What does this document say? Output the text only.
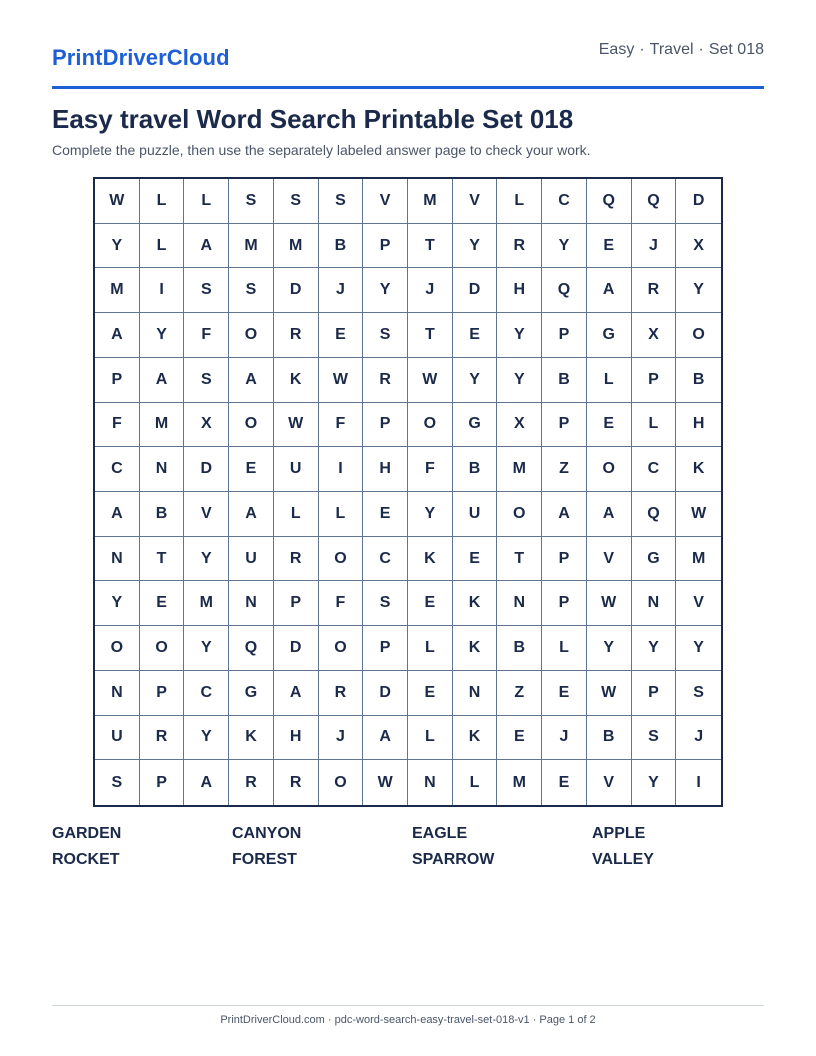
PrintDriverCloud	Easy · Travel · Set 018
Easy travel Word Search Printable Set 018
Complete the puzzle, then use the separately labeled answer page to check your work.
W	L	L	S	S	S	V	M	V	L	C	Q	Q	D
Y	L	A	M	M	B	P	T	Y	R	Y	E	J	X
M	I	S	S	D	J	Y	J	D	H	Q	A	R	Y
A	Y	F	O	R	E	S	T	E	Y	P	G	X	O
P	A	S	A	K	W	R	W	Y	Y	B	L	P	B
F	M	X	O	W	F	P	O	G	X	P	E	L	H
C	N	D	E	U	I	H	F	B	M	Z	O	C	K
A	B	V	A	L	L	E	Y	U	O	A	A	Q	W
N	T	Y	U	R	O	C	K	E	T	P	V	G	M
Y	E	M	N	P	F	S	E	K	N	P	W	N	V
O	O	Y	Q	D	O	P	L	K	B	L	Y	Y	Y
N	P	C	G	A	R	D	E	N	Z	E	W	P	S
U	R	Y	K	H	J	A	L	K	E	J	B	S	J
S	P	A	R	R	O	W	N	L	M	E	V	Y	I
GARDEN	CANYON	EAGLE	APPLE
ROCKET	FOREST	SPARROW	VALLEY
PrintDriverCloud.com · pdc-word-search-easy-travel-set-018-v1 · Page 1 of 2
